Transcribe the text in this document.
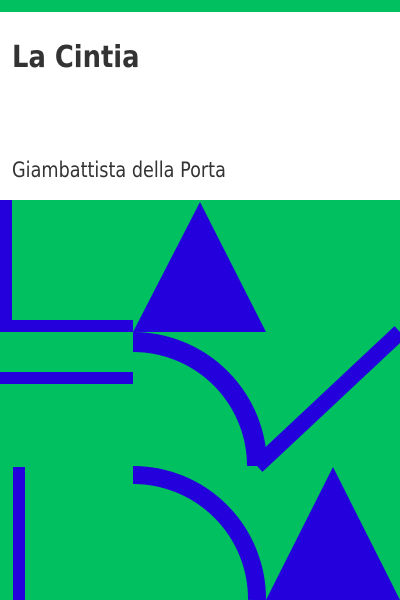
La Cintia

Giambattista della Porta
